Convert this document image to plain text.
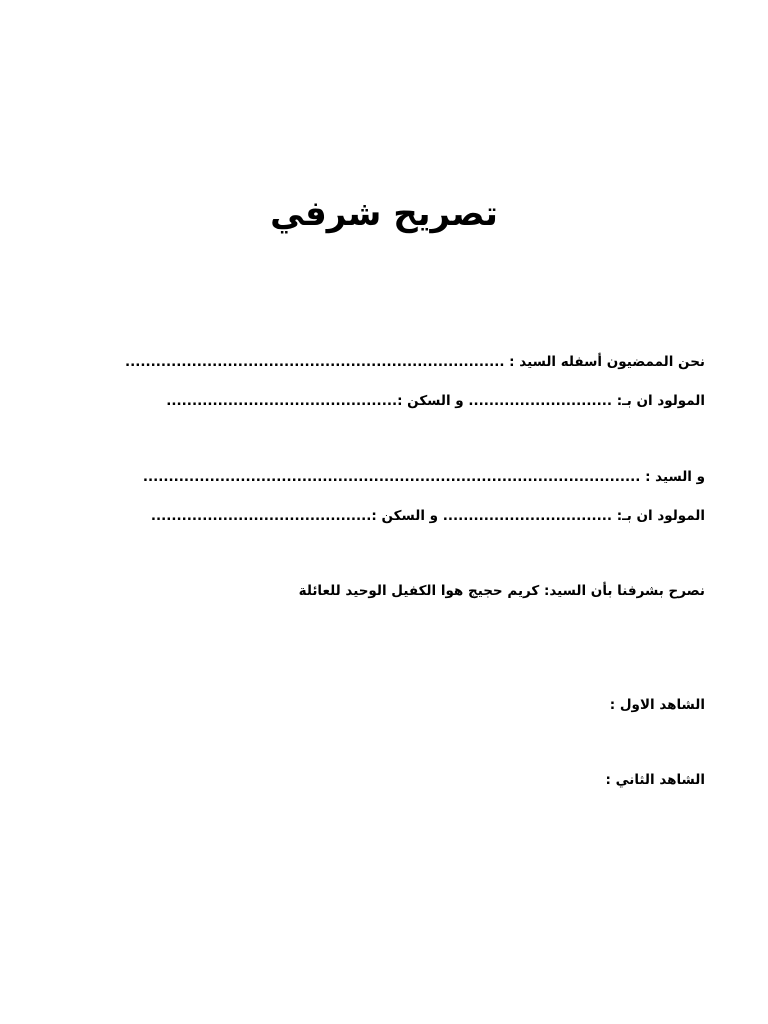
تصريح شرفي
نحن الممضيون أسفله السيد : ..........................................................................
المولود ان بـ: ............................ و السكن :.............................................
و السيد : .................................................................................................
المولود ان بـ: ................................. و السكن :...........................................
نصرح بشرفنا بأن السيد: كريم حجيج هوا الكفيل الوحيد للعائلة
الشاهد الاول :
الشاهد الثاني :
